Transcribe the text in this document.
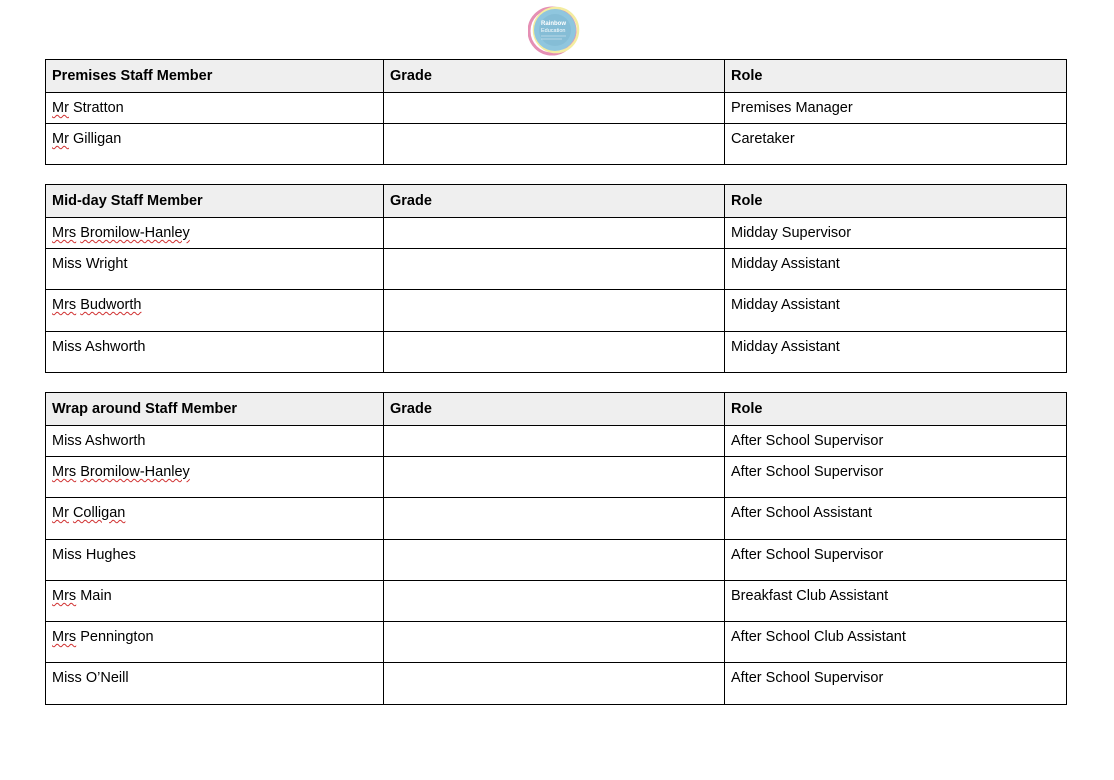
Rainbow
Education
Premises Staff Member	Grade	Role
Mr Stratton		Premises Manager
Mr Gilligan		Caretaker
Mid-day Staff Member	Grade	Role
Mrs Bromilow-Hanley		Midday Supervisor
Miss Wright		Midday Assistant
Mrs Budworth		Midday Assistant
Miss Ashworth		Midday Assistant
Wrap around Staff Member	Grade	Role
Miss Ashworth		After School Supervisor
Mrs Bromilow-Hanley		After School Supervisor
Mr Colligan		After School Assistant
Miss Hughes		After School Supervisor
Mrs Main		Breakfast Club Assistant
Mrs Pennington		After School Club Assistant
Miss O’Neill		After School Supervisor
